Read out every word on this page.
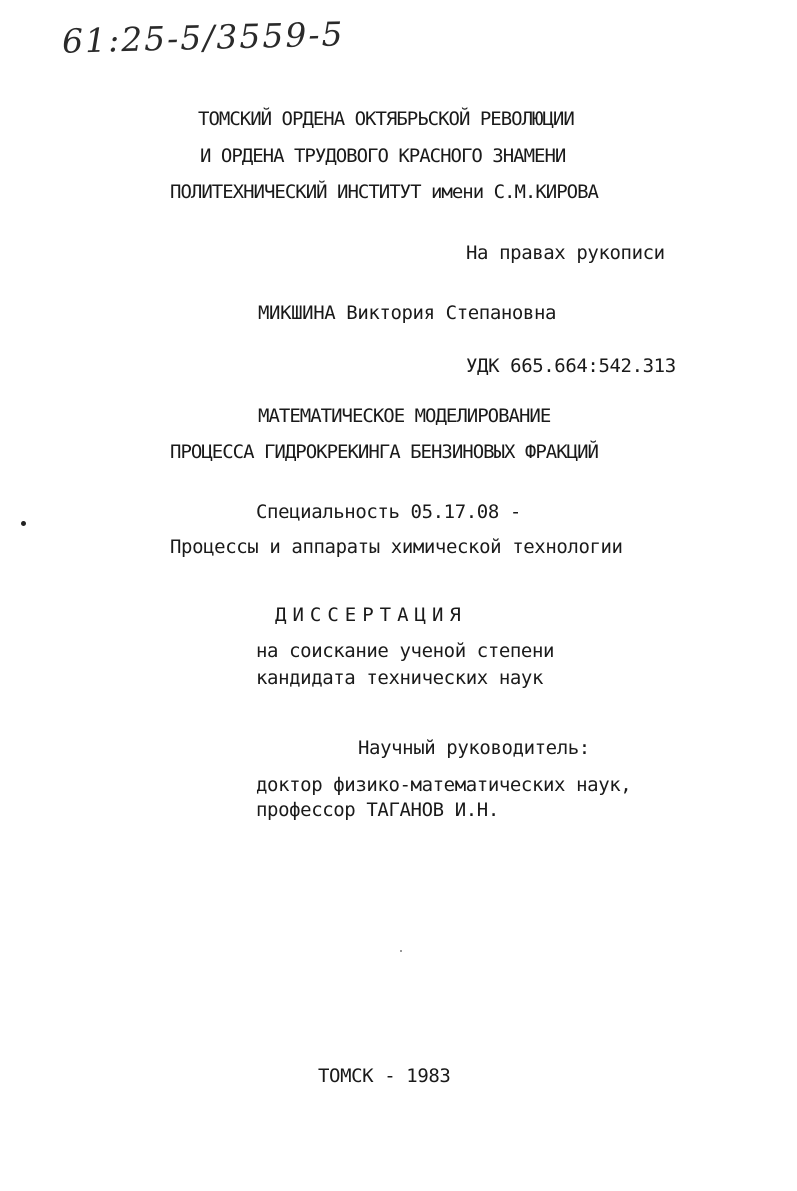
61:25-5/3559-5
ТОМСКИЙ ОРДЕНА ОКТЯБРЬСКОЙ РЕВОЛЮЦИИ
И ОРДЕНА ТРУДОВОГО КРАСНОГО ЗНАМЕНИ
ПОЛИТЕХНИЧЕСКИЙ ИНСТИТУТ имени С.М.КИРОВА
На правах рукописи
МИКШИНА Виктория Степановна
УДК 665.664:542.313
МАТЕМАТИЧЕСКОЕ МОДЕЛИРОВАНИЕ
ПРОЦЕССА ГИДРОКРЕКИНГА БЕНЗИНОВЫХ ФРАКЦИЙ
Специальность 05.17.08 -
Процессы и аппараты химической технологии
ДИССЕРТАЦИЯ
на соискание ученой степени
кандидата технических наук
Научный руководитель:
доктор физико-математических наук,
профессор ТАГАНОВ И.Н.
ТОМСК - 1983
